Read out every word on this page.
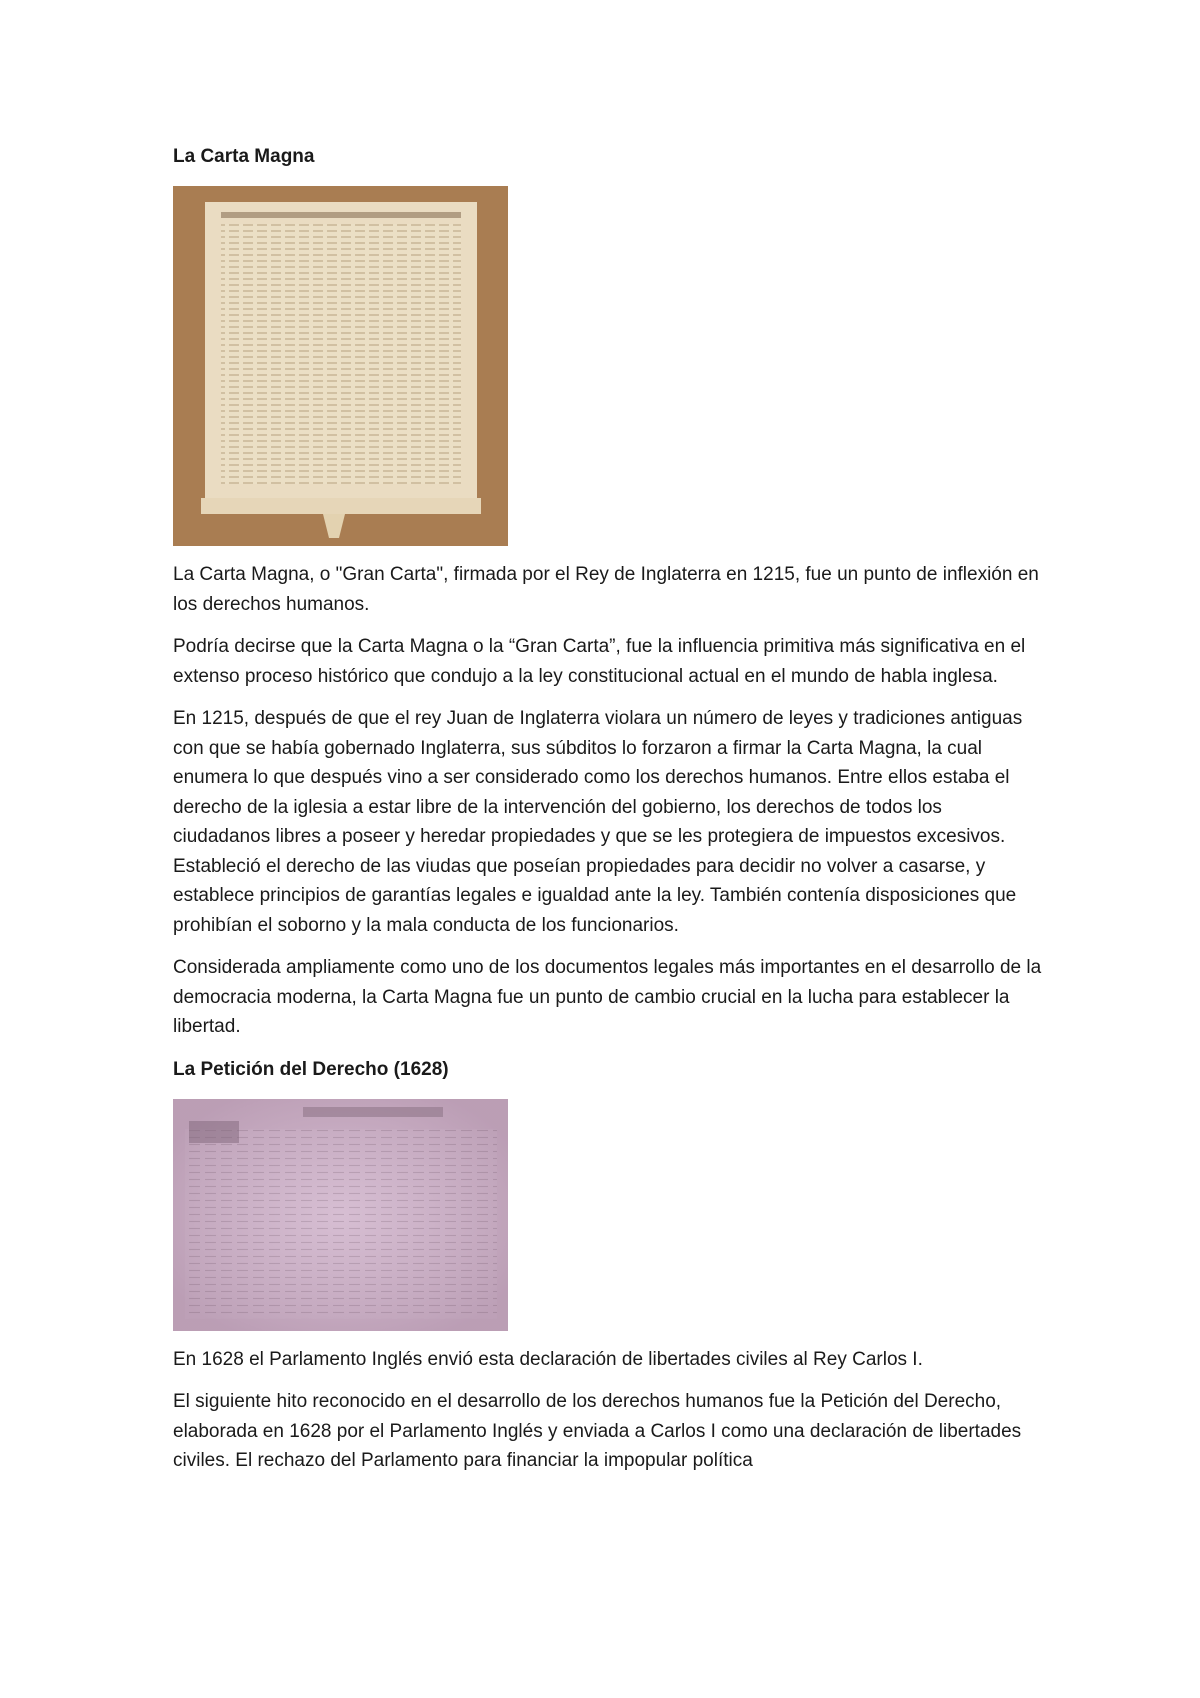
La Carta Magna

La Carta Magna, o "Gran Carta", firmada por el Rey de Inglaterra en 1215, fue un punto de inflexión en los derechos humanos.

Podría decirse que la Carta Magna o la “Gran Carta”, fue la influencia primitiva más significativa en el extenso proceso histórico que condujo a la ley constitucional actual en el mundo de habla inglesa.

En 1215, después de que el rey Juan de Inglaterra violara un número de leyes y tradiciones antiguas con que se había gobernado Inglaterra, sus súbditos lo forzaron a firmar la Carta Magna, la cual enumera lo que después vino a ser considerado como los derechos humanos. Entre ellos estaba el derecho de la iglesia a estar libre de la intervención del gobierno, los derechos de todos los ciudadanos libres a poseer y heredar propiedades y que se les protegiera de impuestos excesivos. Estableció el derecho de las viudas que poseían propiedades para decidir no volver a casarse, y establece principios de garantías legales e igualdad ante la ley. También contenía disposiciones que prohibían el soborno y la mala conducta de los funcionarios.

Considerada ampliamente como uno de los documentos legales más importantes en el desarrollo de la democracia moderna, la Carta Magna fue un punto de cambio crucial en la lucha para establecer la libertad.

La Petición del Derecho (1628)

En 1628 el Parlamento Inglés envió esta declaración de libertades civiles al Rey Carlos I.

El siguiente hito reconocido en el desarrollo de los derechos humanos fue la Petición del Derecho, elaborada en 1628 por el Parlamento Inglés y enviada a Carlos I como una declaración de libertades civiles. El rechazo del Parlamento para financiar la impopular política
